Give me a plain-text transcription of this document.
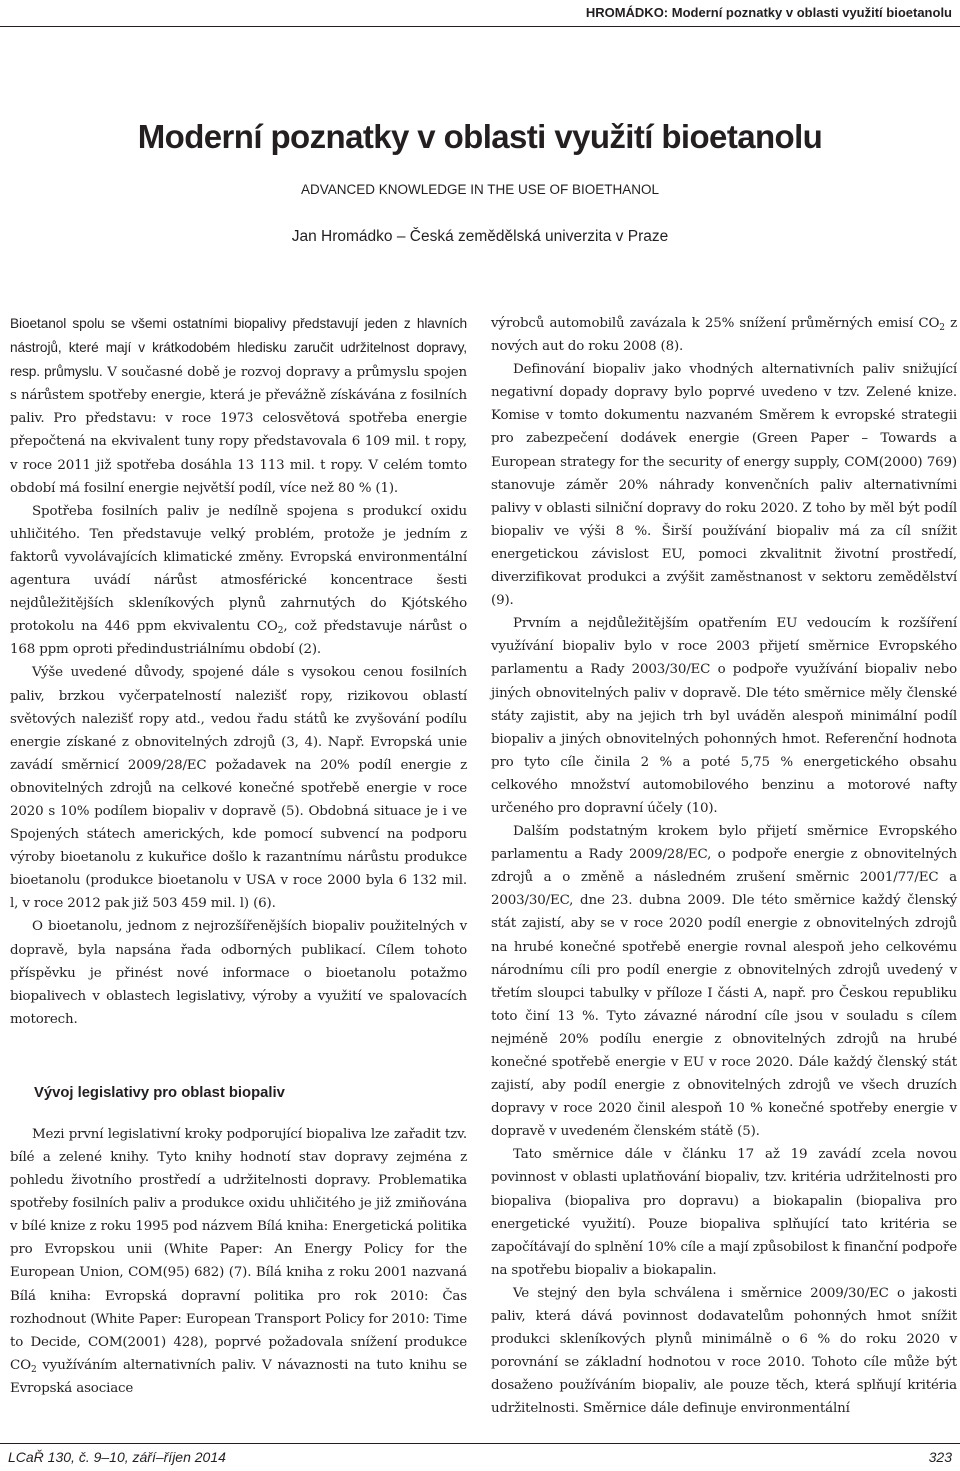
HROMÁDKO: Moderní poznatky v oblasti využití bioetanolu
Moderní poznatky v oblasti využití bioetanolu
ADVANCED KNOWLEDGE IN THE USE OF BIOETHANOL
Jan Hromádko – Česká zemědělská univerzita v Praze

Bioetanol spolu se všemi ostatními biopalivy představují jeden z hlavních nástrojů, které mají v krátkodobém hledisku zaručit udržitelnost dopravy, resp. průmyslu. V současné době je rozvoj dopravy a průmyslu spojen s nárůstem spotřeby energie, která je převážně získávána z fosilních paliv. Pro představu: v roce 1973 celosvětová spotřeba energie přepočtená na ekvivalent tuny ropy představovala 6 109 mil. t ropy, v roce 2011 již spotřeba dosáhla 13 113 mil. t ropy. V celém tomto období má fosilní energie největší podíl, více než 80 % (1).

Spotřeba fosilních paliv je nedílně spojena s produkcí oxidu uhličitého. Ten představuje velký problém, protože je jedním z faktorů vyvolávajících klimatické změny. Evropská environmentální agentura uvádí nárůst atmosférické koncentrace šesti nejdůležitějších skleníkových plynů zahrnutých do Kjótského protokolu na 446 ppm ekvivalentu $CO_2$, což představuje nárůst o 168 ppm oproti předindustriálnímu období (2).

Výše uvedené důvody, spojené dále s vysokou cenou fosilních paliv, brzkou vyčerpatelností nalezišť ropy, rizikovou oblastí světových nalezišť ropy atd., vedou řadu států ke zvyšování podílu energie získané z obnovitelných zdrojů (3, 4). Např. Evropská unie zavádí směrnicí 2009/28/EC požadavek na 20% podíl energie z obnovitelných zdrojů na celkové konečné spotřebě energie v roce 2020 s 10% podílem biopaliv v dopravě (5). Obdobná situace je i ve Spojených státech amerických, kde pomocí subvencí na podporu výroby bioetanolu z kukuřice došlo k razantnímu nárůstu produkce bioetanolu (produkce bioetanolu v USA v roce 2000 byla 6 132 mil. l, v roce 2012 pak již 503 459 mil. l) (6).

O bioetanolu, jednom z nejrozšířenějších biopaliv použitelných v dopravě, byla napsána řada odborných publikací. Cílem tohoto příspěvku je přinést nové informace o bioetanolu potažmo biopalivech v oblastech legislativy, výroby a využití ve spalovacích motorech.

Vývoj legislativy pro oblast biopaliv

Mezi první legislativní kroky podporující biopaliva lze zařadit tzv. bílé a zelené knihy. Tyto knihy hodnotí stav dopravy zejména z pohledu životního prostředí a udržitelnosti dopravy. Problematika spotřeby fosilních paliv a produkce oxidu uhličitého je již zmiňována v bílé knize z roku 1995 pod názvem Bílá kniha: Energetická politika pro Evropskou unii (White Paper: An Energy Policy for the European Union, COM(95) 682) (7). Bílá kniha z roku 2001 nazvaná Bílá kniha: Evropská dopravní politika pro rok 2010: Čas rozhodnout (White Paper: European Transport Policy for 2010: Time to Decide, COM(2001) 428), poprvé požadovala snížení produkce $CO_2$ využíváním alternativních paliv. V návaznosti na tuto knihu se Evropská asociace

výrobců automobilů zavázala k 25% snížení průměrných emisí $CO_2$ z nových aut do roku 2008 (8).

Definování biopaliv jako vhodných alternativních paliv snižující negativní dopady dopravy bylo poprvé uvedeno v tzv. Zelené knize. Komise v tomto dokumentu nazvaném Směrem k evropské strategii pro zabezpečení dodávek energie (Green Paper – Towards a European strategy for the security of energy supply, COM(2000) 769) stanovuje záměr 20% náhrady konvenčních paliv alternativními palivy v oblasti silniční dopravy do roku 2020. Z toho by měl být podíl biopaliv ve výši 8 %. Širší používání biopaliv má za cíl snížit energetickou závislost EU, pomoci zkvalitnit životní prostředí, diverzifikovat produkci a zvýšit zaměstnanost v sektoru zemědělství (9).

Prvním a nejdůležitějším opatřením EU vedoucím k rozšíření využívání biopaliv bylo v roce 2003 přijetí směrnice Evropského parlamentu a Rady 2003/30/EC o podpoře využívání biopaliv nebo jiných obnovitelných paliv v dopravě. Dle této směrnice měly členské státy zajistit, aby na jejich trh byl uváděn alespoň minimální podíl biopaliv a jiných obnovitelných pohonných hmot. Referenční hodnota pro tyto cíle činila 2 % a poté 5,75 % energetického obsahu celkového množství automobilového benzinu a motorové nafty určeného pro dopravní účely (10).

Dalším podstatným krokem bylo přijetí směrnice Evropského parlamentu a Rady 2009/28/EC, o podpoře energie z obnovitelných zdrojů a o změně a následném zrušení směrnic 2001/77/EC a 2003/30/EC, dne 23. dubna 2009. Dle této směrnice každý členský stát zajistí, aby se v roce 2020 podíl energie z obnovitelných zdrojů na hrubé konečné spotřebě energie rovnal alespoň jeho celkovému národnímu cíli pro podíl energie z obnovitelných zdrojů uvedený v třetím sloupci tabulky v příloze I části A, např. pro Českou republiku toto činí 13 %. Tyto závazné národní cíle jsou v souladu s cílem nejméně 20% podílu energie z obnovitelných zdrojů na hrubé konečné spotřebě energie v EU v roce 2020. Dále každý členský stát zajistí, aby podíl energie z obnovitelných zdrojů ve všech druzích dopravy v roce 2020 činil alespoň 10 % konečné spotřeby energie v dopravě v uvedeném členském státě (5).

Tato směrnice dále v článku 17 až 19 zavádí zcela novou povinnost v oblasti uplatňování biopaliv, tzv. kritéria udržitelnosti pro biopaliva (biopaliva pro dopravu) a biokapalin (biopaliva pro energetické využití). Pouze biopaliva splňující tato kritéria se započítávají do splnění 10% cíle a mají způsobilost k finanční podpoře na spotřebu biopaliv a biokapalin.

Ve stejný den byla schválena i směrnice 2009/30/EC o jakosti paliv, která dává povinnost dodavatelům pohonných hmot snížit produkci skleníkových plynů minimálně o 6 % do roku 2020 v porovnání se základní hodnotou v roce 2010. Tohoto cíle může být dosaženo používáním biopaliv, ale pouze těch, která splňují kritéria udržitelnosti. Směrnice dále definuje environmentální

LCaŘ 130, č. 9–10, září–říjen 2014	323
